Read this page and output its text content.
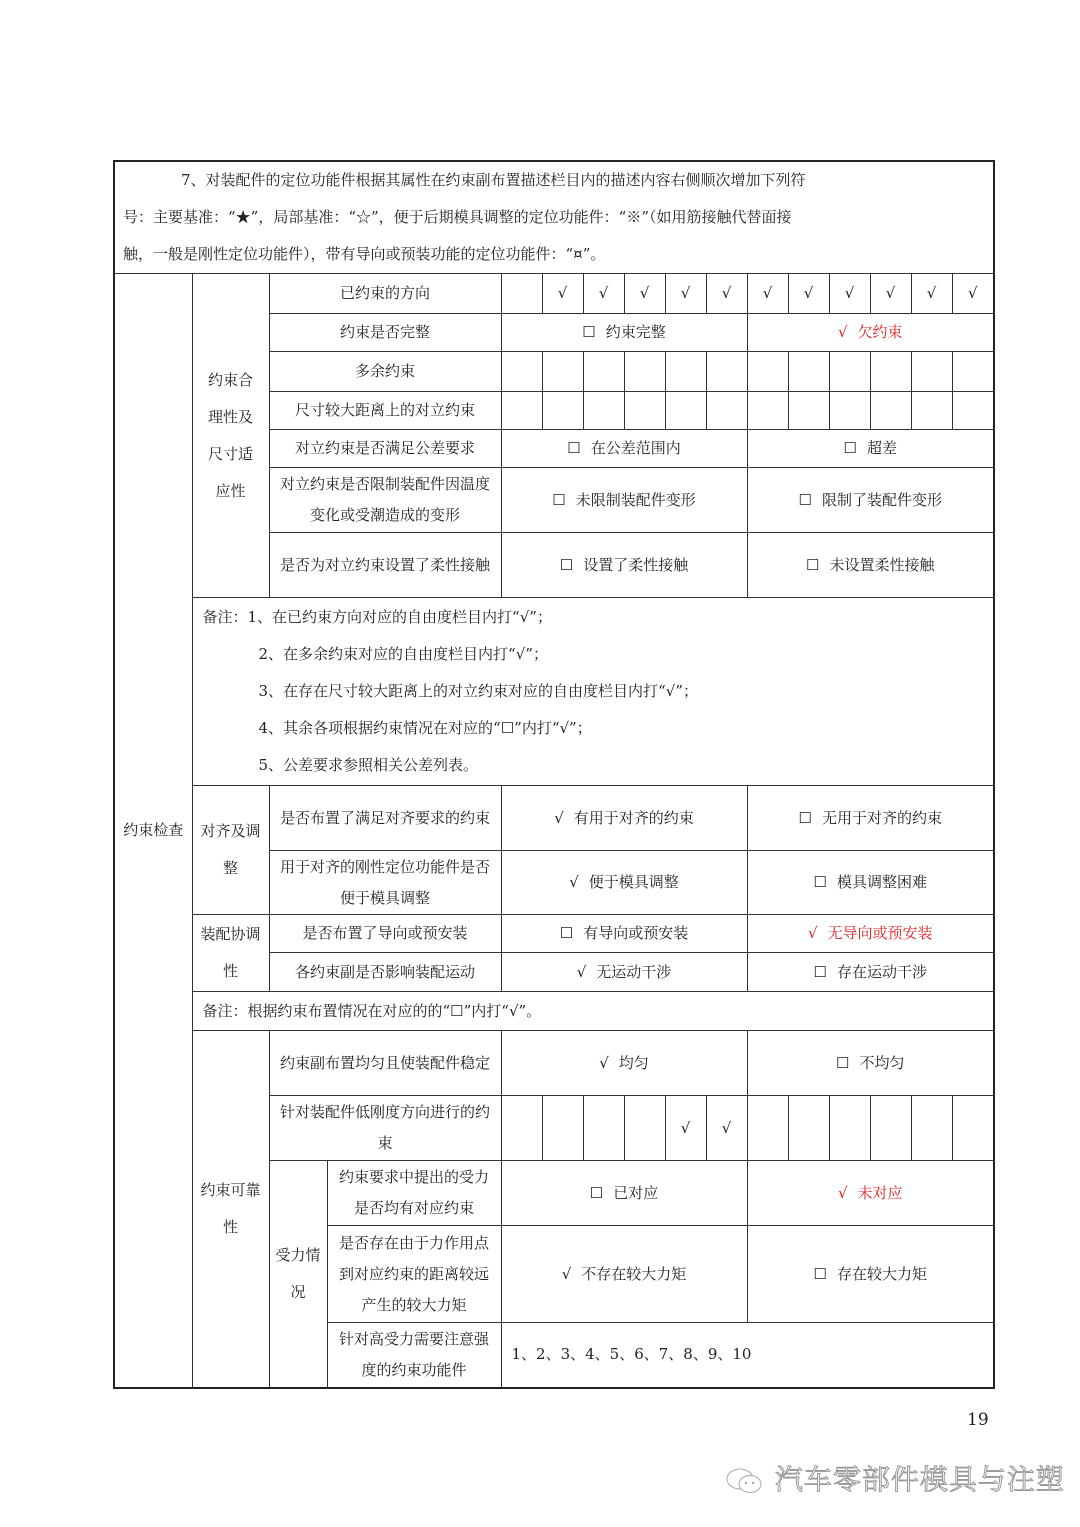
7、对装配件的定位功能件根据其属性在约束副布置描述栏目内的描述内容右侧顺次增加下列符
号：主要基准：“★”，局部基准：“☆”，便于后期模具调整的定位功能件：“※”（如用筋接触代替面接
触，一般是刚性定位功能件），带有导向或预装功能的定位功能件：“¤”。															

约束检查	约束合理性及尺寸适应性	已约束的方向			√	√	√	√	√	√	√	√	√	√	√
		约束是否完整		☐ 约束完整						√ 欠约束					
		多余约束													
		尺寸较大距离上的对立约束													
		对立约束是否满足公差要求		☐ 在公差范围内						☐ 超差					
		对立约束是否限制装配件因温度变化或受潮造成的变形		☐ 未限制装配件变形						☐ 限制了装配件变形					
		是否为对立约束设置了柔性接触		☐ 设置了柔性接触						☐ 未设置柔性接触					

	备注：1、在已约束方向对应的自由度栏目内打“√”；
2、在多余约束对应的自由度栏目内打“√”；
3、在存在尺寸较大距离上的对立约束对应的自由度栏目内打“√”；
4、其余各项根据约束情况在对应的“☐”内打“√”；
5、公差要求参照相关公差列表。														

	对齐及调整	是否布置了满足对齐要求的约束		√ 有用于对齐的约束						☐ 无用于对齐的约束					
		用于对齐的刚性定位功能件是否便于模具调整		√ 便于模具调整						☐ 模具调整困难					
	装配协调性	是否布置了导向或预安装		☐ 有导向或预安装						√ 无导向或预安装					
		各约束副是否影响装配运动		√ 无运动干涉						☐ 存在运动干涉					
	备注：根据约束布置情况在对应的的“☐”内打“√”。														
	约束可靠性	约束副布置均匀且使装配件稳定		√ 均匀						☐ 不均匀					
		针对装配件低刚度方向进行的约束						√	√						
		受力情况	约束要求中提出的受力是否均有对应约束	☐ 已对应						√ 未对应					
			是否存在由于力作用点到对应约束的距离较远产生的较大力矩	√ 不存在较大力矩						☐ 存在较大力矩					
			针对高受力需要注意强度的约束功能件	1、2、3、4、5、6、7、8、9、10											
19
汽车零部件模具与注塑
